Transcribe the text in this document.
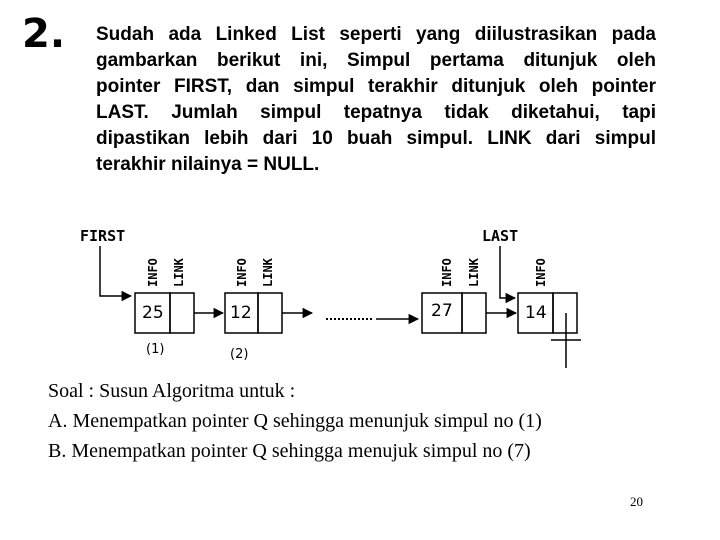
2. Sudah ada Linked List seperti yang diilustrasikan pada
gambarkan berikut ini, Simpul pertama ditunjuk oleh
pointer FIRST, dan simpul terakhir ditunjuk oleh pointer
LAST. Jumlah simpul tepatnya tidak diketahui, tapi
dipastikan lebih dari 10 buah simpul. LINK dari simpul
terakhir nilainya = NULL.
FIRST	LAST
25
INFO LINK
(1)
12
INFO LINK
(2)
27
INFO LINK
14
INFO
Soal : Susun Algoritma untuk :
A. Menempatkan pointer Q sehingga menunjuk simpul no (1)
B. Menempatkan pointer Q sehingga menujuk simpul no (7)
20
